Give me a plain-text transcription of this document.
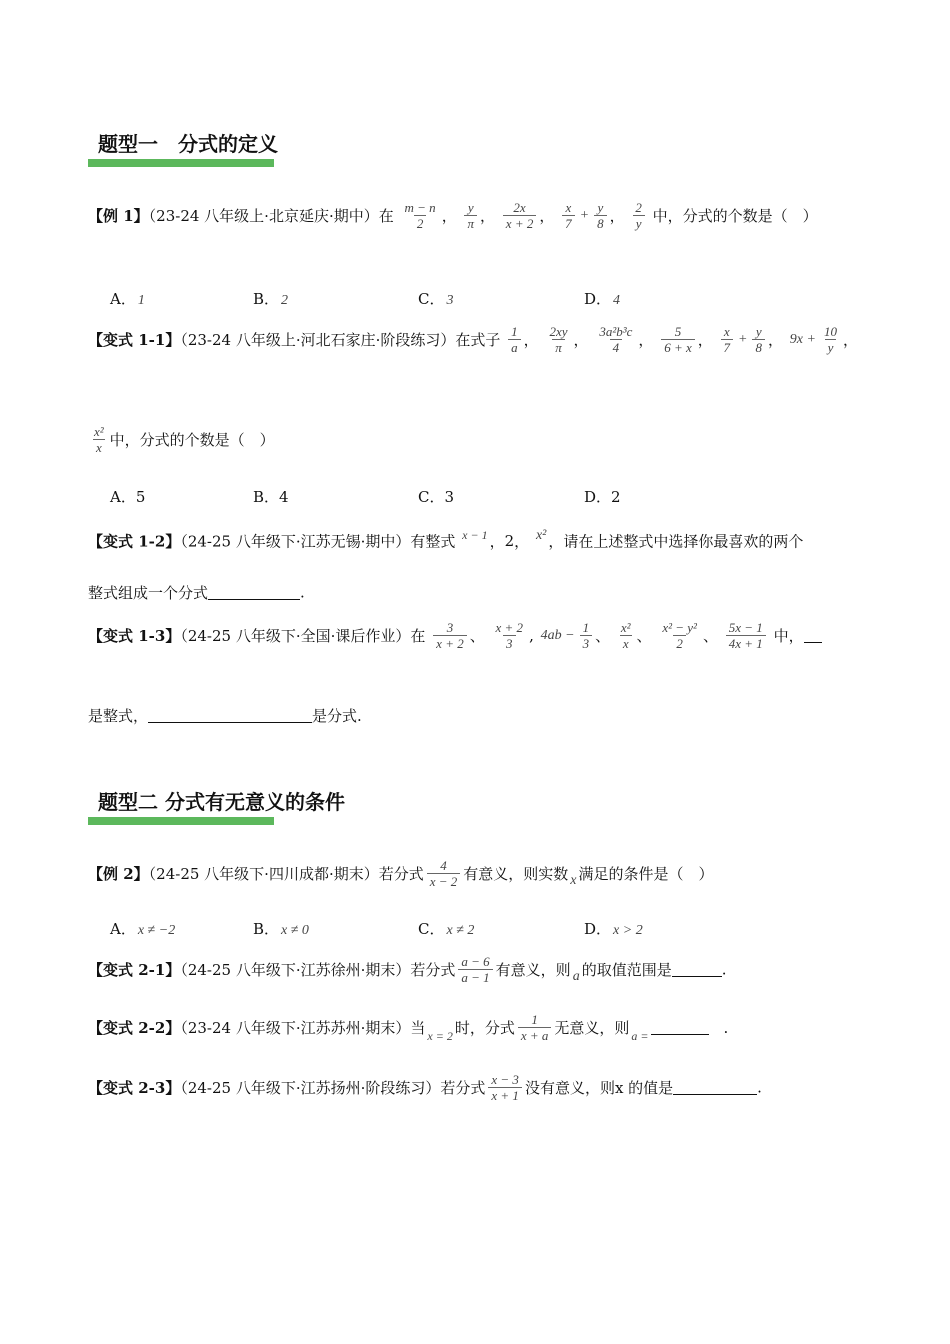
题型一　分式的定义
【例 1】（23-24 八年级上·北京延庆·期中）在 $\frac{m - n}{2}$ ， $\frac{y}{\pi}$ ， $\frac{2x}{x + 2}$ ， $\frac{x}{7} + \frac{y}{8}$ ， $\frac{2}{y}$ 中，分式的个数是（　）
A． 1	B． 2	C． 3	D． 4
【变式 1-1】（23-24 八年级上·河北石家庄·阶段练习）在式子 $\frac{1}{a}$ ， $\frac{2xy}{\pi}$ ， $\frac{\text{3a²b³c}}{4}$ ， $\frac{5}{6 + x}$ ， $\frac{x}{7} + \frac{y}{8}$ ， $9x + \frac{10}{y}$ ，
$\frac{\text{x²}}{x}$ 中，分式的个数是（　）
A．5	B．4	C．3	D．2
【变式 1-2】（24-25 八年级下·江苏无锡·期中）有整式 $^{x - 1}$ ，2， x² ，请在上述整式中选择你最喜欢的两个
整式组成一个分式	.
【变式 1-3】（24-25 八年级下·全国·课后作业）在 $\frac{3}{x + 2}$ 、 $\frac{x + 2}{3}$ , $4ab - \frac{1}{3}$ 、 $\frac{\text{x²}}{x}$ 、 $\frac{\text{x² − y²}}{2}$ 、 $\frac{5x - 1}{4x + 1}$ 中，
是整式，	是分式.
题型二 分式有无意义的条件
【例 2】（24-25 八年级下·四川成都·期末）若分式 $\frac{4}{x - 2}$ 有意义，则实数 x 满足的条件是（　）
A． x ≠ −2	B． x ≠ 0	C． x ≠ 2	D． x > 2
【变式 2-1】（24-25 八年级下·江苏徐州·期末）若分式 $\frac{a - 6}{a - 1}$ 有意义，则 a 的取值范围是	.
【变式 2-2】（23-24 八年级下·江苏苏州·期末）当 $_{x = 2}$ 时，分式 $\frac{1}{x + a}$ 无意义，则 $_{a =}$	　.
【变式 2-3】（24-25 八年级下·江苏扬州·阶段练习）若分式 $\frac{x - 3}{x + 1}$ 没有意义，则x 的值是	.
